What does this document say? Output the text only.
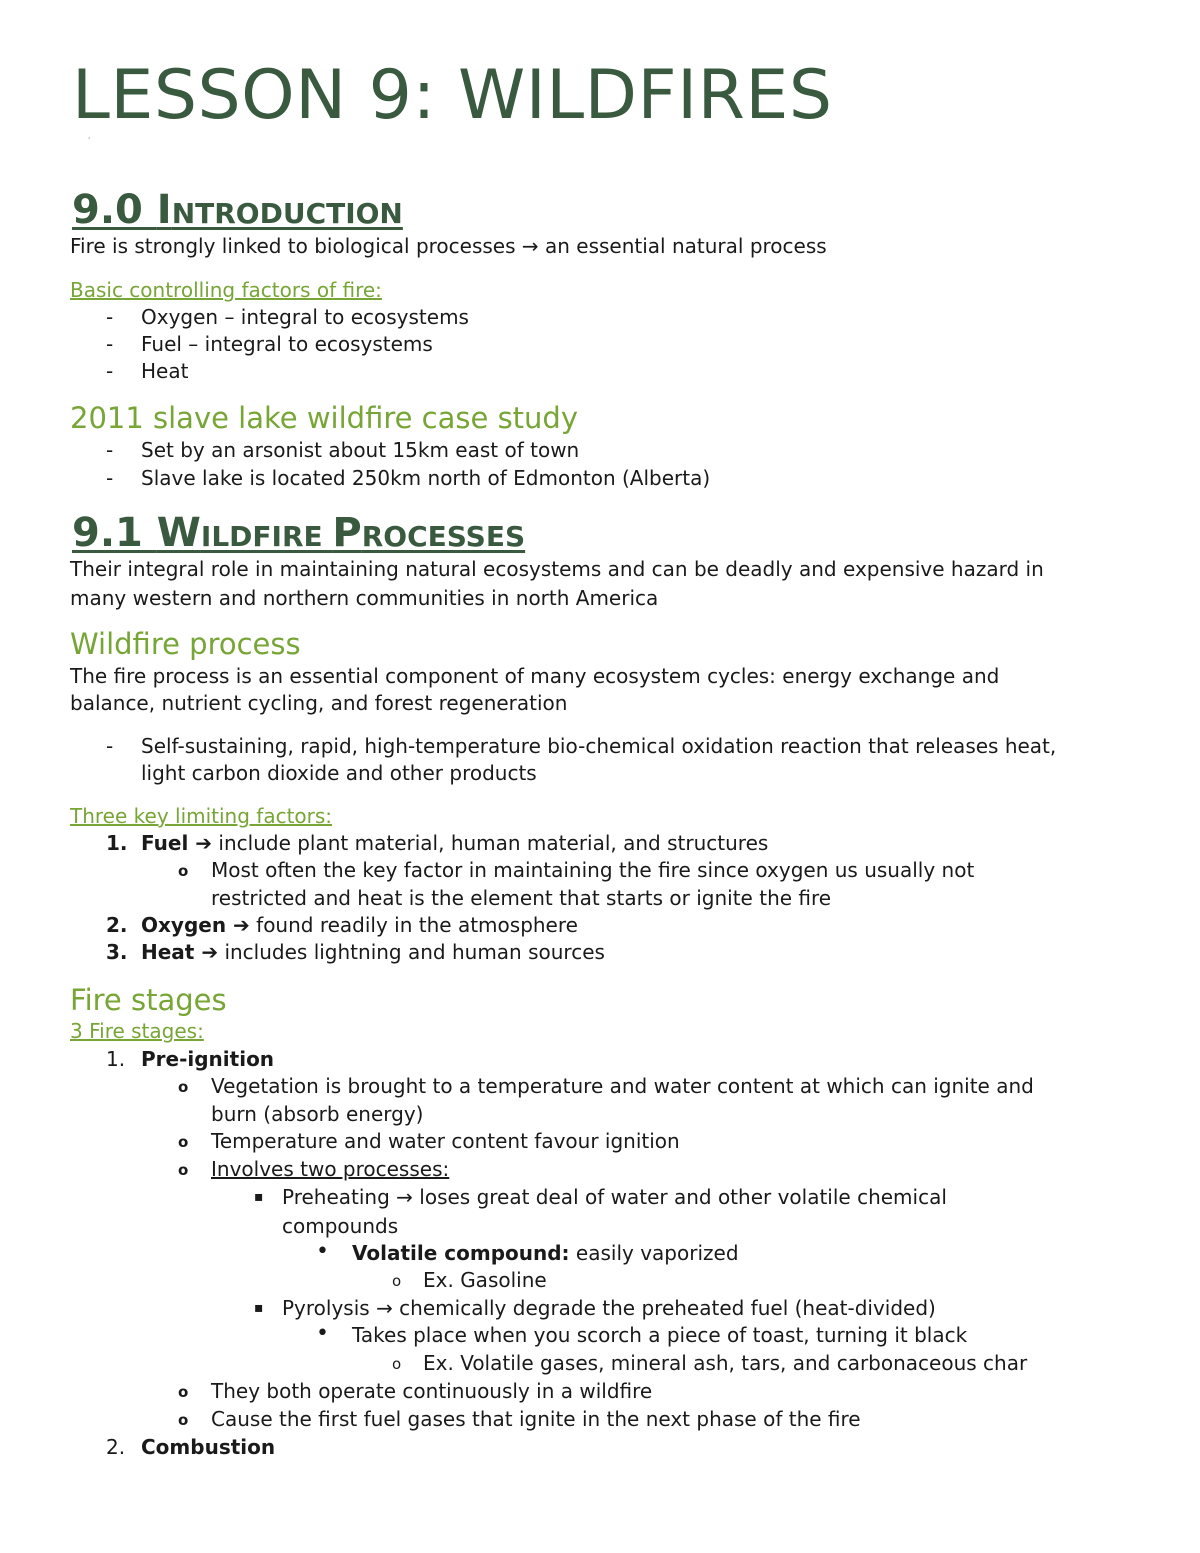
LESSON 9: WILDFIRES
'
9.0 INTRODUCTION
Fire is strongly linked to biological processes → an essential natural process
Basic controlling factors of fire:
- Oxygen – integral to ecosystems
- Fuel – integral to ecosystems
- Heat
2011 slave lake wildfire case study
- Set by an arsonist about 15km east of town
- Slave lake is located 250km north of Edmonton (Alberta)
9.1 WILDFIRE PROCESSES
Their integral role in maintaining natural ecosystems and can be deadly and expensive hazard in
many western and northern communities in north America
Wildfire process
The fire process is an essential component of many ecosystem cycles: energy exchange and
balance, nutrient cycling, and forest regeneration
- Self-sustaining, rapid, high-temperature bio-chemical oxidation reaction that releases heat,
light carbon dioxide and other products
Three key limiting factors:
1. Fuel ➔ include plant material, human material, and structures
o Most often the key factor in maintaining the fire since oxygen us usually not
restricted and heat is the element that starts or ignite the fire
2. Oxygen ➔ found readily in the atmosphere
3. Heat ➔ includes lightning and human sources
Fire stages
3 Fire stages:
1. Pre-ignition
o Vegetation is brought to a temperature and water content at which can ignite and
burn (absorb energy)
o Temperature and water content favour ignition
o Involves two processes:
▪ Preheating → loses great deal of water and other volatile chemical
compounds
• Volatile compound: easily vaporized
o Ex. Gasoline
▪ Pyrolysis → chemically degrade the preheated fuel (heat-divided)
• Takes place when you scorch a piece of toast, turning it black
o Ex. Volatile gases, mineral ash, tars, and carbonaceous char
o They both operate continuously in a wildfire
o Cause the first fuel gases that ignite in the next phase of the fire
2. Combustion
